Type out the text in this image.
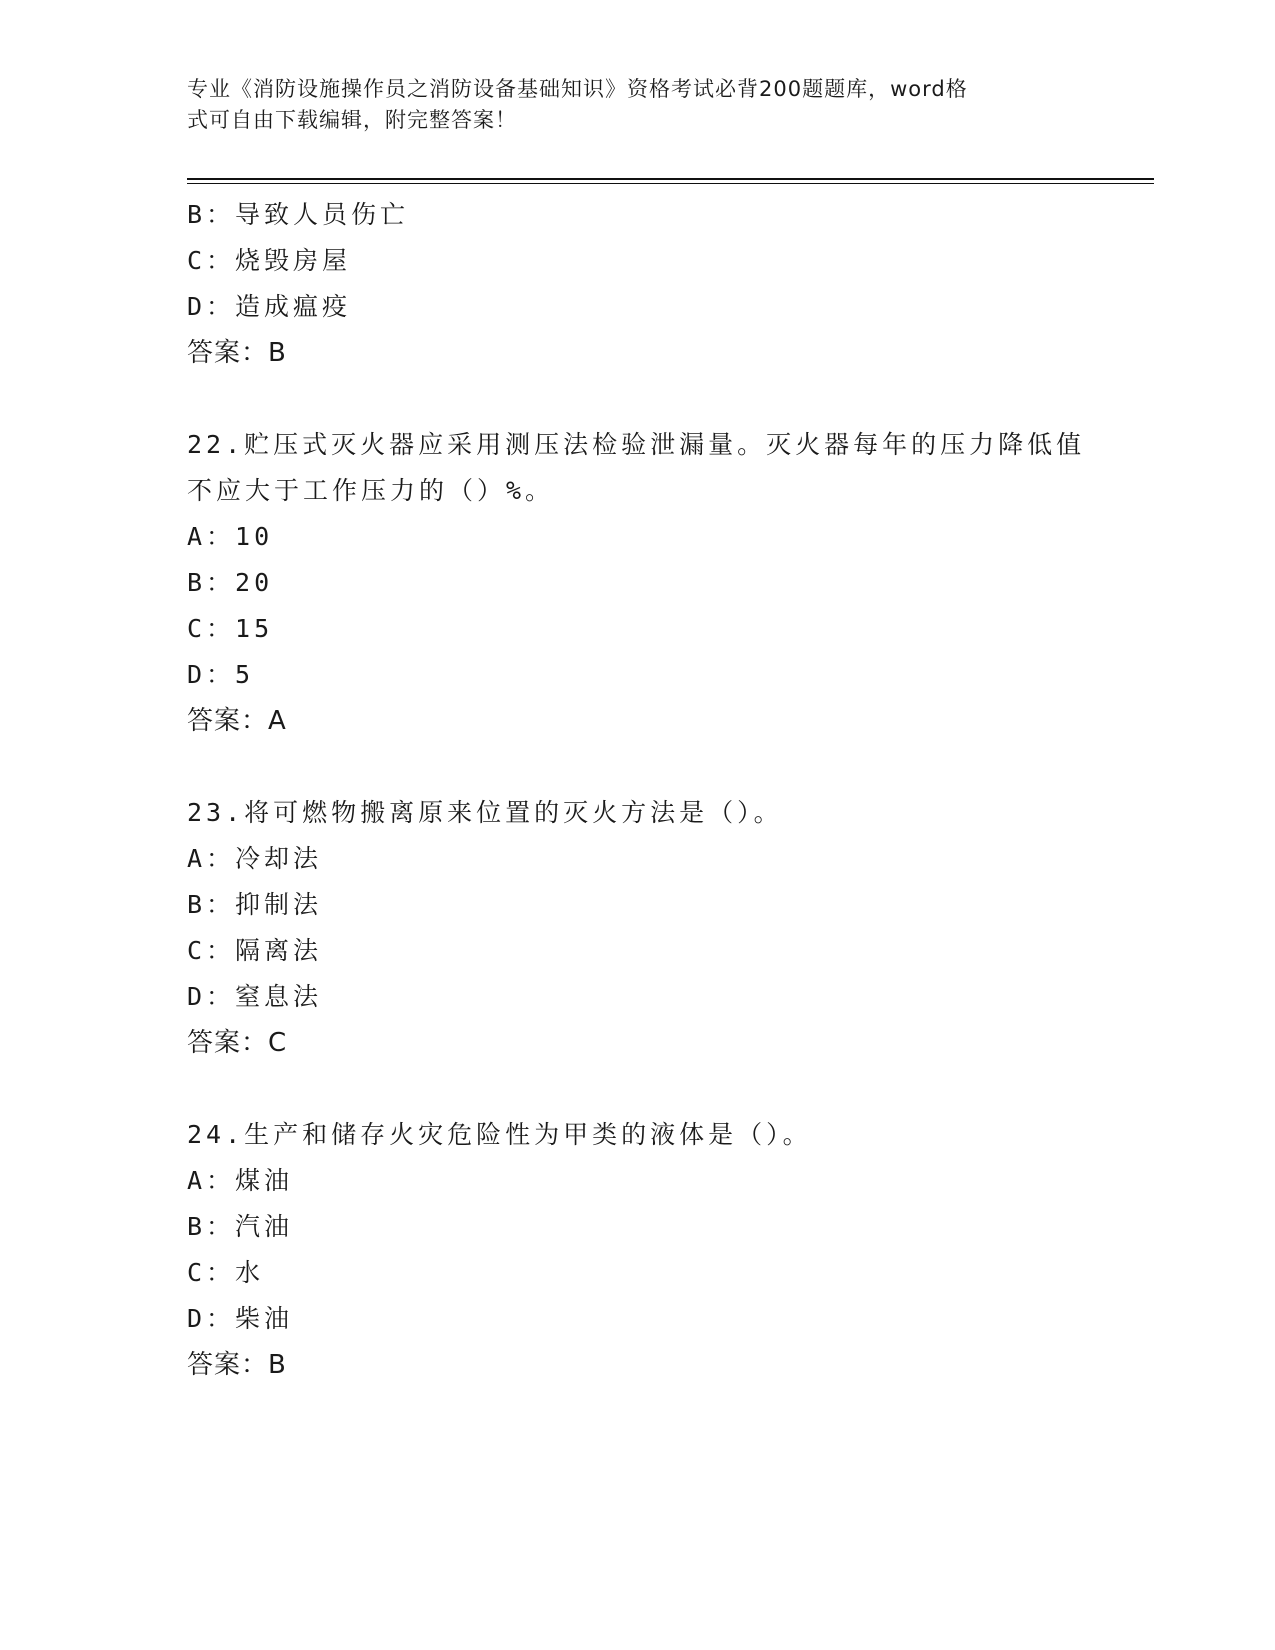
专业《消防设施操作员之消防设备基础知识》资格考试必背200题题库，word格
式可自由下载编辑，附完整答案！
B：导致人员伤亡
C：烧毁房屋
D：造成瘟疫
答案：B
22.贮压式灭火器应采用测压法检验泄漏量。灭火器每年的压力降低值
不应大于工作压力的（）%。
A：10
B：20
C：15
D：5
答案：A
23.将可燃物搬离原来位置的灭火方法是（）。
A：冷却法
B：抑制法
C：隔离法
D：窒息法
答案：C
24.生产和储存火灾危险性为甲类的液体是（）。
A：煤油
B：汽油
C：水
D：柴油
答案：B
